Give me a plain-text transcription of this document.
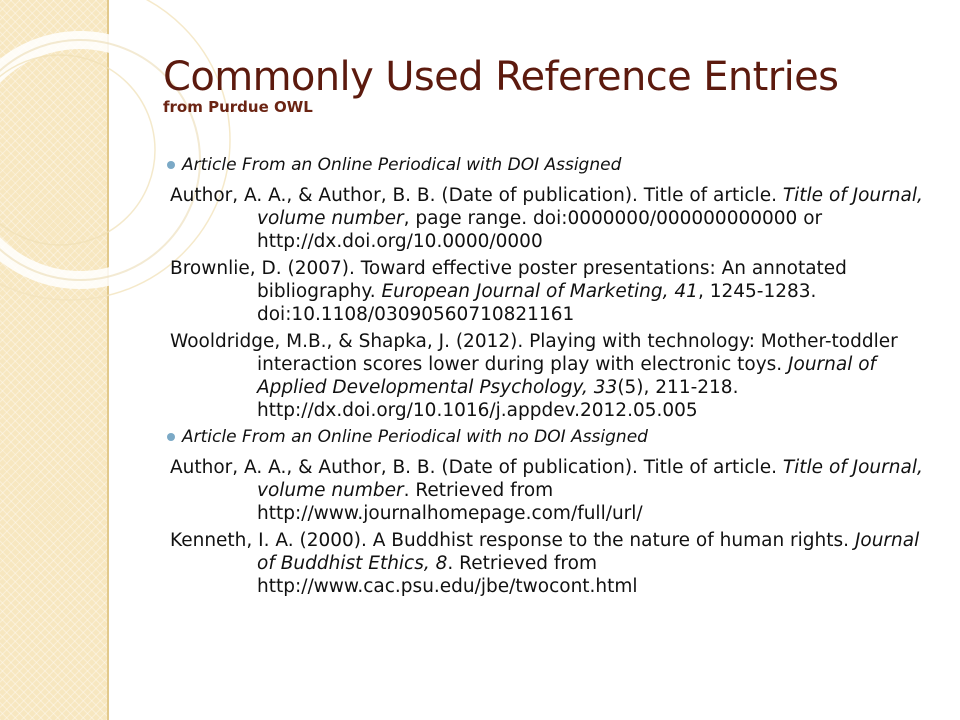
Commonly Used Reference Entries
from Purdue OWL
Article From an Online Periodical with DOI Assigned
Author, A. A., & Author, B. B. (Date of publication). Title of article. Title of Journal, volume number, page range. doi:0000000/000000000000 or http://dx.doi.org/10.0000/0000
Brownlie, D. (2007). Toward effective poster presentations: An annotated bibliography. European Journal of Marketing, 41, 1245-1283. doi:10.1108/03090560710821161
Wooldridge, M.B., & Shapka, J. (2012). Playing with technology: Mother-toddler interaction scores lower during play with electronic toys. Journal of Applied Developmental Psychology, 33(5), 211-218. http://dx.doi.org/10.1016/j.appdev.2012.05.005
Article From an Online Periodical with no DOI Assigned
Author, A. A., & Author, B. B. (Date of publication). Title of article. Title of Journal, volume number. Retrieved from http://www.journalhomepage.com/full/url/
Kenneth, I. A. (2000). A Buddhist response to the nature of human rights. Journal of Buddhist Ethics, 8. Retrieved from http://www.cac.psu.edu/jbe/twocont.html
